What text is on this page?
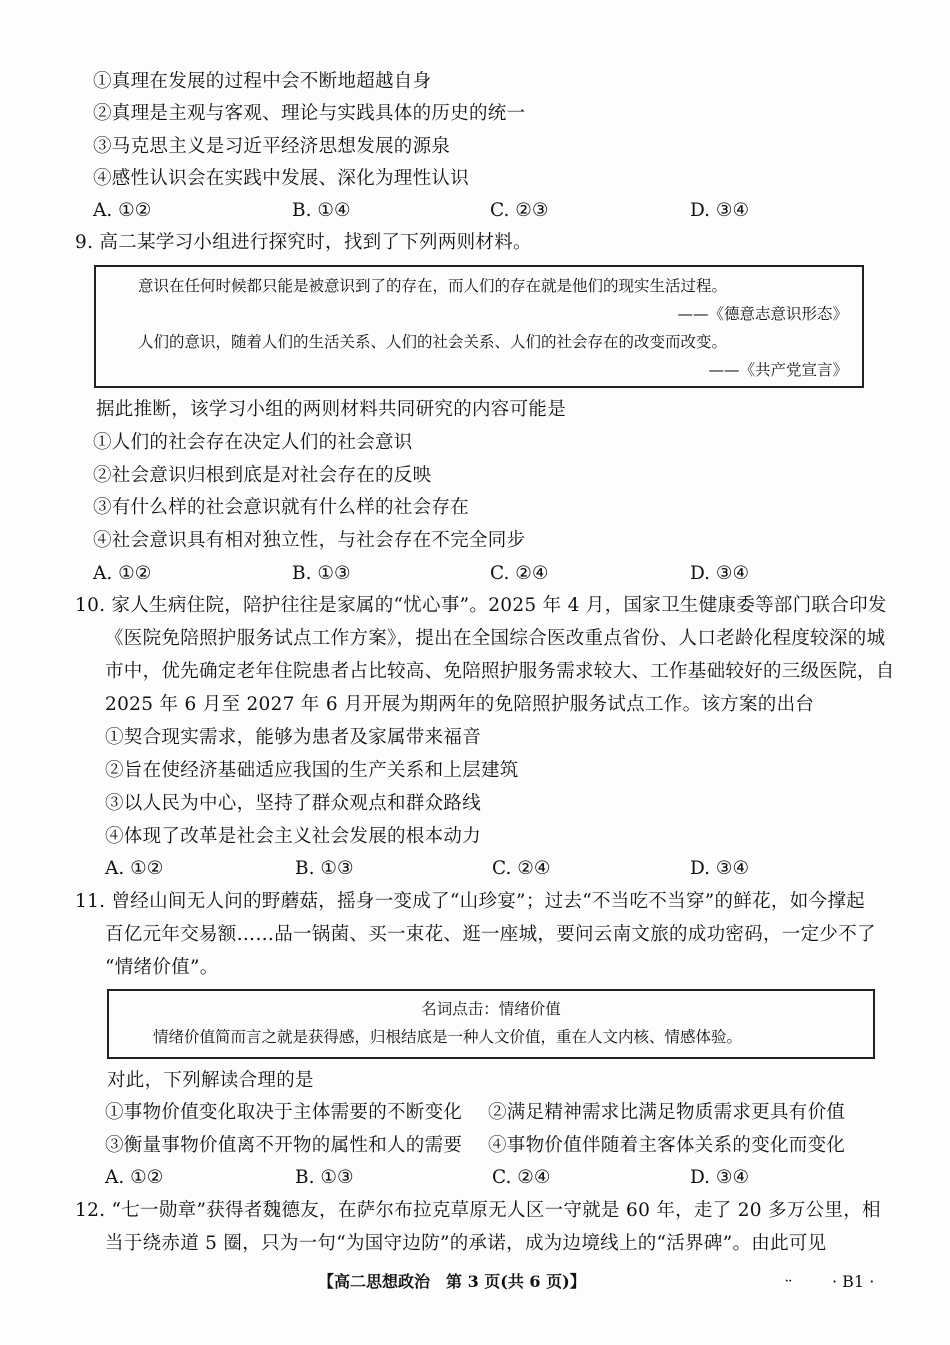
①真理在发展的过程中会不断地超越自身
②真理是主观与客观、理论与实践具体的历史的统一
③马克思主义是习近平经济思想发展的源泉
④感性认识会在实践中发展、深化为理性认识
A. ①②	B. ①④	C. ②③	D. ③④
9. 高二某学习小组进行探究时，找到了下列两则材料。
意识在任何时候都只能是被意识到了的存在，而人们的存在就是他们的现实生活过程。
——《德意志意识形态》
人们的意识，随着人们的生活关系、人们的社会关系、人们的社会存在的改变而改变。
——《共产党宣言》
据此推断，该学习小组的两则材料共同研究的内容可能是
①人们的社会存在决定人们的社会意识
②社会意识归根到底是对社会存在的反映
③有什么样的社会意识就有什么样的社会存在
④社会意识具有相对独立性，与社会存在不完全同步
A. ①②	B. ①③	C. ②④	D. ③④
10. 家人生病住院，陪护往往是家属的“忧心事”。2025 年 4 月，国家卫生健康委等部门联合印发
《医院免陪照护服务试点工作方案》，提出在全国综合医改重点省份、人口老龄化程度较深的城
市中，优先确定老年住院患者占比较高、免陪照护服务需求较大、工作基础较好的三级医院，自
2025 年 6 月至 2027 年 6 月开展为期两年的免陪照护服务试点工作。该方案的出台
①契合现实需求，能够为患者及家属带来福音
②旨在使经济基础适应我国的生产关系和上层建筑
③以人民为中心，坚持了群众观点和群众路线
④体现了改革是社会主义社会发展的根本动力
A. ①②	B. ①③	C. ②④	D. ③④
11. 曾经山间无人问的野蘑菇，摇身一变成了“山珍宴”；过去“不当吃不当穿”的鲜花，如今撑起
百亿元年交易额……品一锅菌、买一束花、逛一座城，要问云南文旅的成功密码，一定少不了
“情绪价值”。
名词点击：情绪价值
情绪价值简而言之就是获得感，归根结底是一种人文价值，重在人文内核、情感体验。
对此，下列解读合理的是
①事物价值变化取决于主体需要的不断变化 ②满足精神需求比满足物质需求更具有价值
③衡量事物价值离不开物的属性和人的需要 ④事物价值伴随着主客体关系的变化而变化
A. ①②	B. ①③	C. ②④	D. ③④
12. “七一勋章”获得者魏德友，在萨尔布拉克草原无人区一守就是 60 年，走了 20 多万公里，相
当于绕赤道 5 圈，只为一句“为国守边防”的承诺，成为边境线上的“活界碑”。由此可见
【高二思想政治　第 3 页(共 6 页)】	··	· B1 ·
